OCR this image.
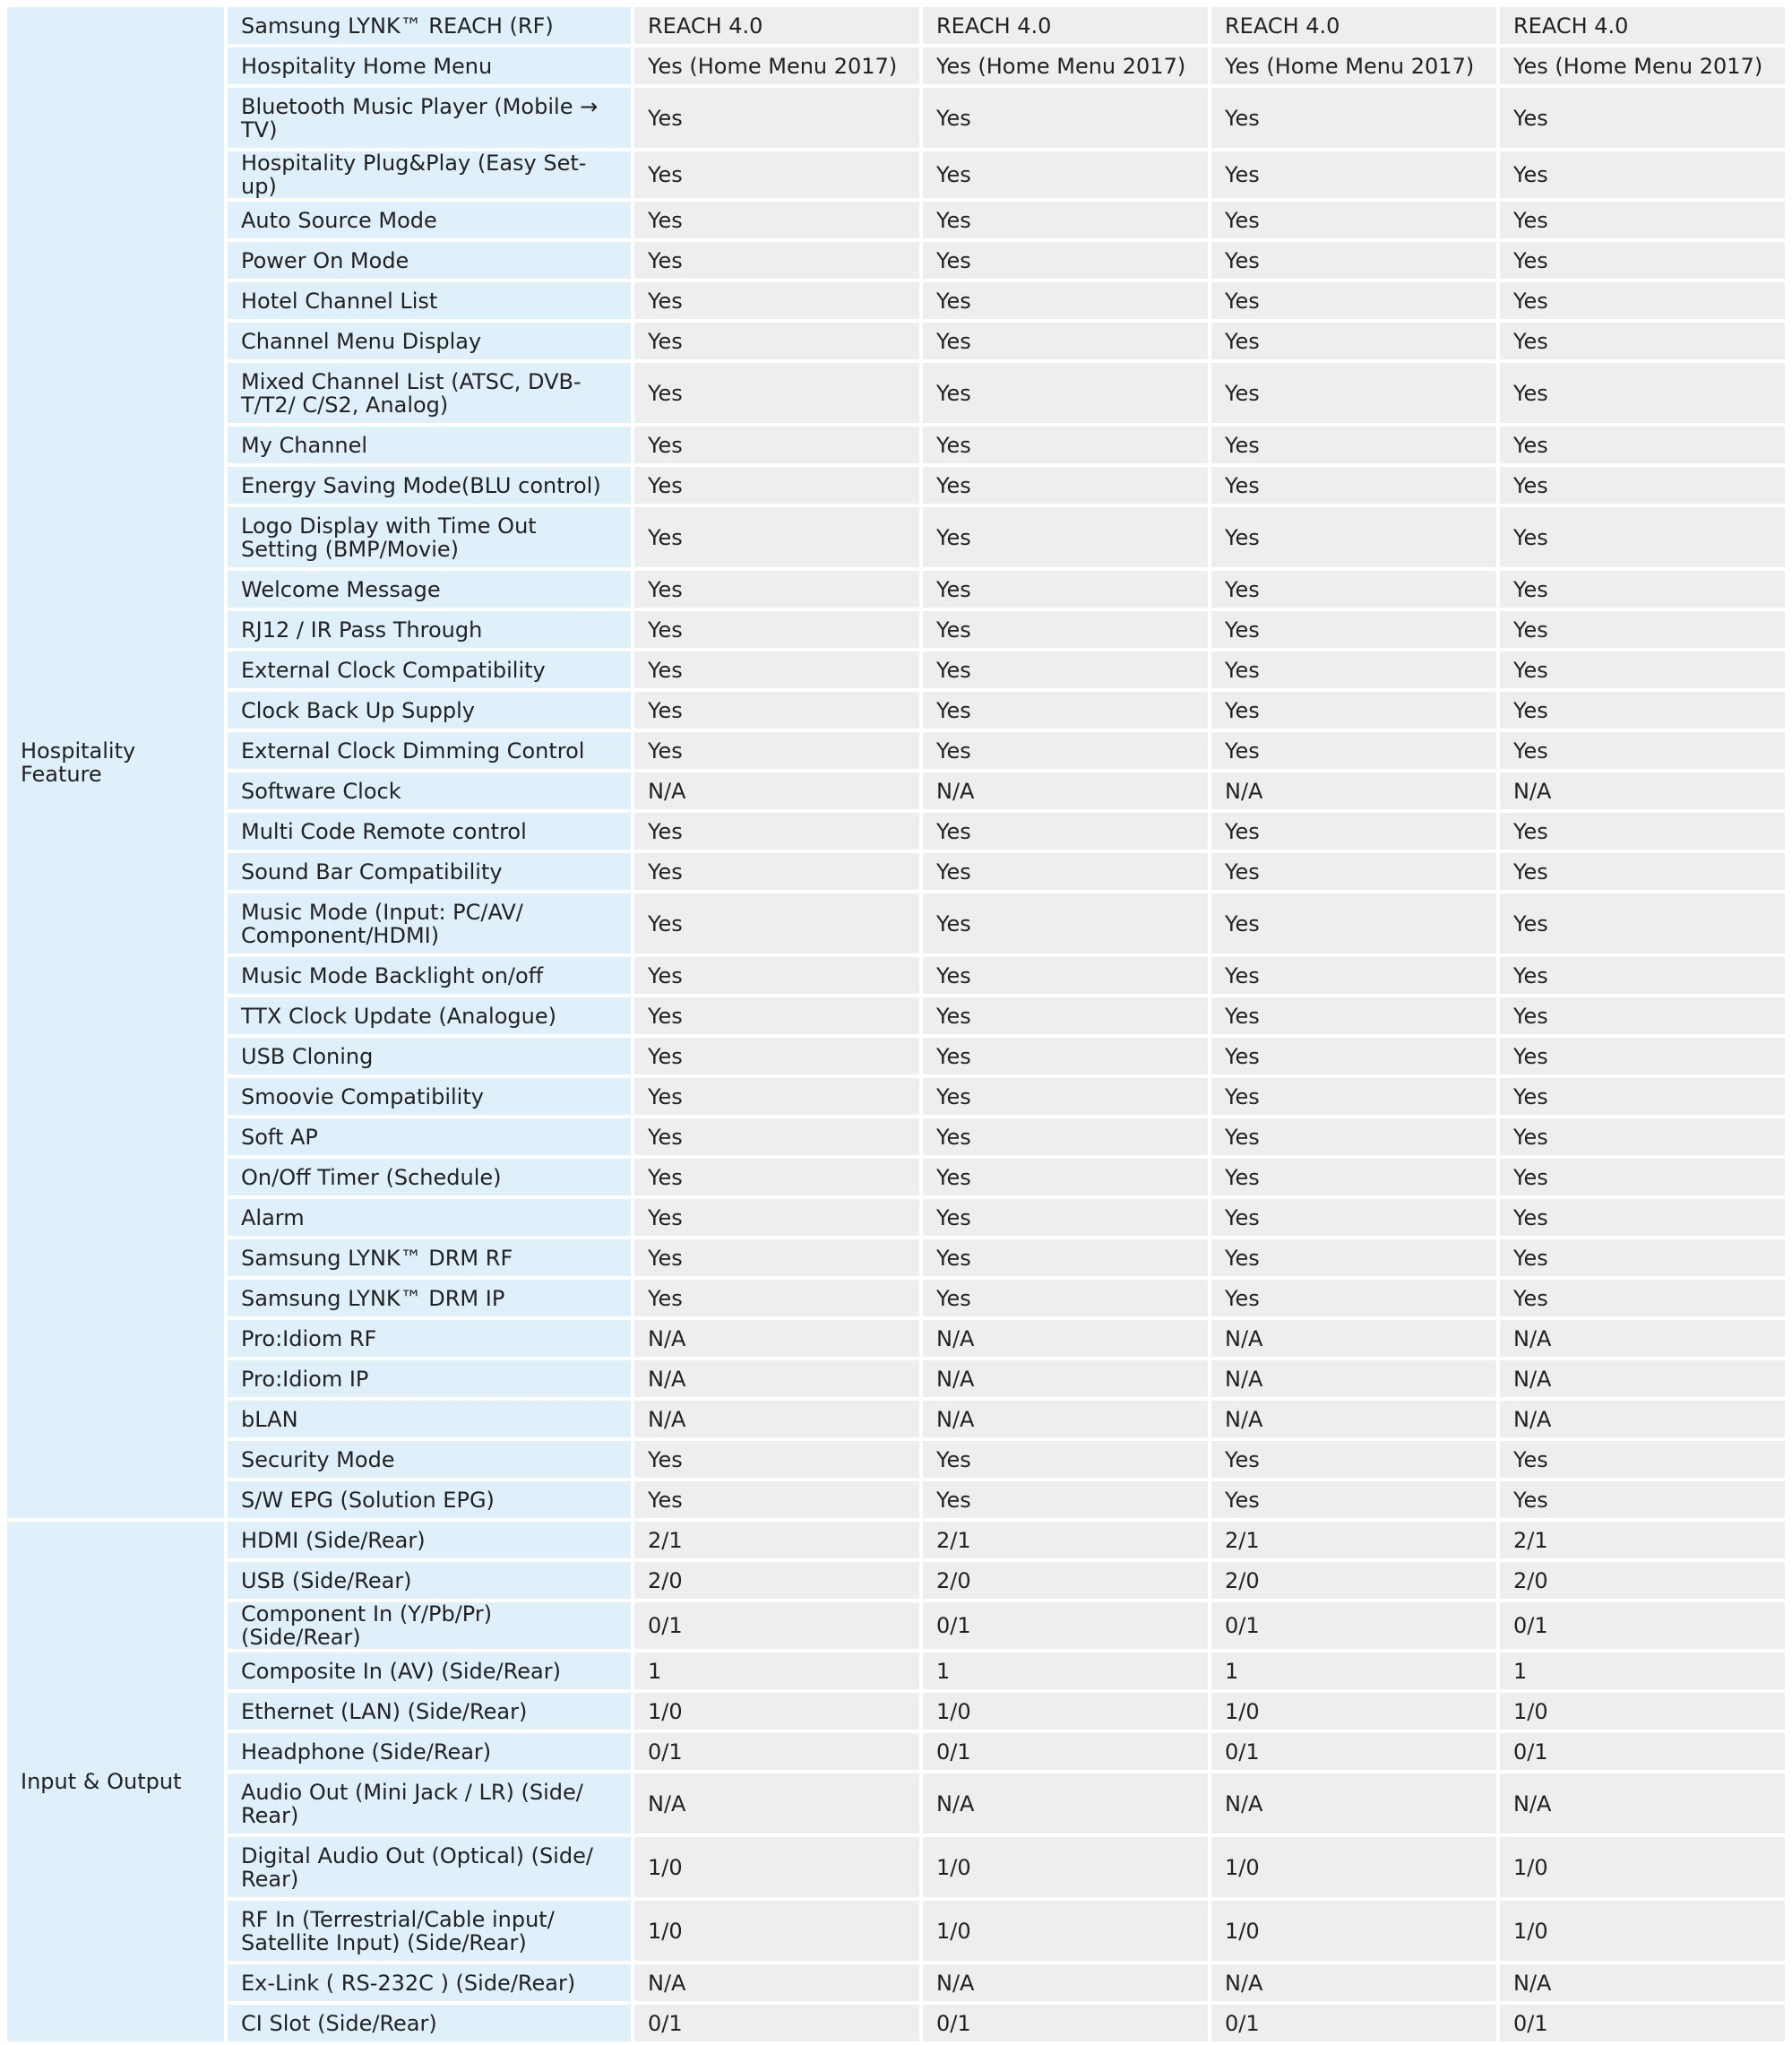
Hospitality Feature	Samsung LYNK™ REACH (RF)	REACH 4.0	REACH 4.0	REACH 4.0	REACH 4.0
	Hospitality Home Menu	Yes (Home Menu 2017)	Yes (Home Menu 2017)	Yes (Home Menu 2017)	Yes (Home Menu 2017)
	Bluetooth Music Player (Mobile → TV)	Yes	Yes	Yes	Yes
	Hospitality Plug&Play (Easy Set-up)	Yes	Yes	Yes	Yes
	Auto Source Mode	Yes	Yes	Yes	Yes
	Power On Mode	Yes	Yes	Yes	Yes
	Hotel Channel List	Yes	Yes	Yes	Yes
	Channel Menu Display	Yes	Yes	Yes	Yes
	Mixed Channel List (ATSC, DVB-T/T2/ C/S2, Analog)	Yes	Yes	Yes	Yes
	My Channel	Yes	Yes	Yes	Yes
	Energy Saving Mode(BLU control)	Yes	Yes	Yes	Yes
	Logo Display with Time Out Setting (BMP/Movie)	Yes	Yes	Yes	Yes
	Welcome Message	Yes	Yes	Yes	Yes
	RJ12 / IR Pass Through	Yes	Yes	Yes	Yes
	External Clock Compatibility	Yes	Yes	Yes	Yes
	Clock Back Up Supply	Yes	Yes	Yes	Yes
	External Clock Dimming Control	Yes	Yes	Yes	Yes
	Software Clock	N/A	N/A	N/A	N/A
	Multi Code Remote control	Yes	Yes	Yes	Yes
	Sound Bar Compatibility	Yes	Yes	Yes	Yes
	Music Mode (Input: PC/AV/ Component/HDMI)	Yes	Yes	Yes	Yes
	Music Mode Backlight on/off	Yes	Yes	Yes	Yes
	TTX Clock Update (Analogue)	Yes	Yes	Yes	Yes
	USB Cloning	Yes	Yes	Yes	Yes
	Smoovie Compatibility	Yes	Yes	Yes	Yes
	Soft AP	Yes	Yes	Yes	Yes
	On/Off Timer (Schedule)	Yes	Yes	Yes	Yes
	Alarm	Yes	Yes	Yes	Yes
	Samsung LYNK™ DRM RF	Yes	Yes	Yes	Yes
	Samsung LYNK™ DRM IP	Yes	Yes	Yes	Yes
	Pro:Idiom RF	N/A	N/A	N/A	N/A
	Pro:Idiom IP	N/A	N/A	N/A	N/A
	bLAN	N/A	N/A	N/A	N/A
	Security Mode	Yes	Yes	Yes	Yes
	S/W EPG (Solution EPG)	Yes	Yes	Yes	Yes
Input & Output	HDMI (Side/Rear)	2/1	2/1	2/1	2/1
	USB (Side/Rear)	2/0	2/0	2/0	2/0
	Component In (Y/Pb/Pr) (Side/Rear)	0/1	0/1	0/1	0/1
	Composite In (AV) (Side/Rear)	1	1	1	1
	Ethernet (LAN) (Side/Rear)	1/0	1/0	1/0	1/0
	Headphone (Side/Rear)	0/1	0/1	0/1	0/1
	Audio Out (Mini Jack / LR) (Side/ Rear)	N/A	N/A	N/A	N/A
	Digital Audio Out (Optical) (Side/ Rear)	1/0	1/0	1/0	1/0
	RF In (Terrestrial/Cable input/ Satellite Input) (Side/Rear)	1/0	1/0	1/0	1/0
	Ex-Link ( RS-232C ) (Side/Rear)	N/A	N/A	N/A	N/A
	CI Slot (Side/Rear)	0/1	0/1	0/1	0/1
